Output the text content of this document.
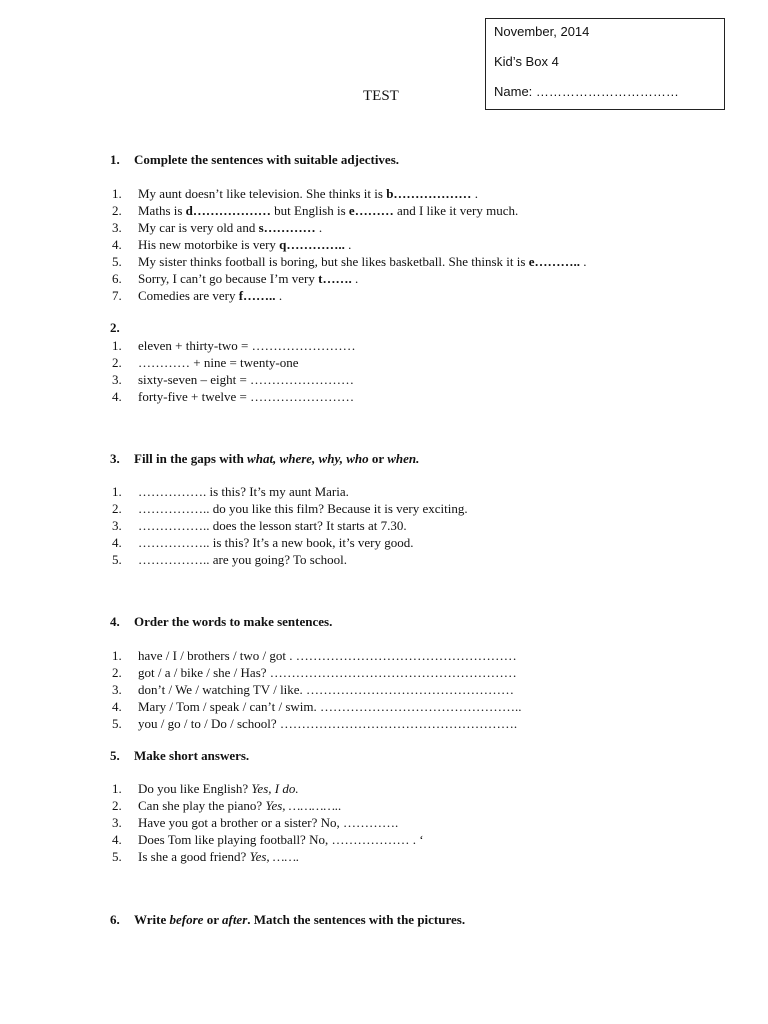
November, 2014
Kid’s Box 4
Name: ……………………………
TEST
1. Complete the sentences with suitable adjectives.
1. My aunt doesn’t like television. She thinks it is b……………… .
2. Maths is d……………… but English is e……… and I like it very much.
3. My car is very old and s………… .
4. His new motorbike is very q………….. .
5. My sister thinks football is boring, but she likes basketball. She thinsk it is e……….. .
6. Sorry, I can’t go because I’m very t……. .
7. Comedies are very f…….. .
2.
1. eleven + thirty-two = ……………………
2. ………… + nine = twenty-one
3. sixty-seven – eight = ……………………
4. forty-five + twelve = ……………………
3. Fill in the gaps with what, where, why, who or when.
1. ……………. is this? It’s my aunt Maria.
2. …………….. do you like this film? Because it is very exciting.
3. …………….. does the lesson start? It starts at 7.30.
4. …………….. is this? It’s a new book, it’s very good.
5. …………….. are you going? To school.
4. Order the words to make sentences.
1. have / I / brothers / two / got . ……………………………………………
2. got / a / bike / she / Has? …………………………………………………
3. don’t / We / watching TV / like. …………………………………………
4. Mary / Tom / speak / can’t / swim. ………………………………………..
5. you / go / to / Do / school? ……………………………………………….
5. Make short answers.
1. Do you like English? Yes, I do.
2. Can she play the piano? Yes, …………..
3. Have you got a brother or a sister? No, ………….
4. Does Tom like playing football? No, ……………… . ‘
5. Is she a good friend? Yes, …….
6. Write before or after. Match the sentences with the pictures.
